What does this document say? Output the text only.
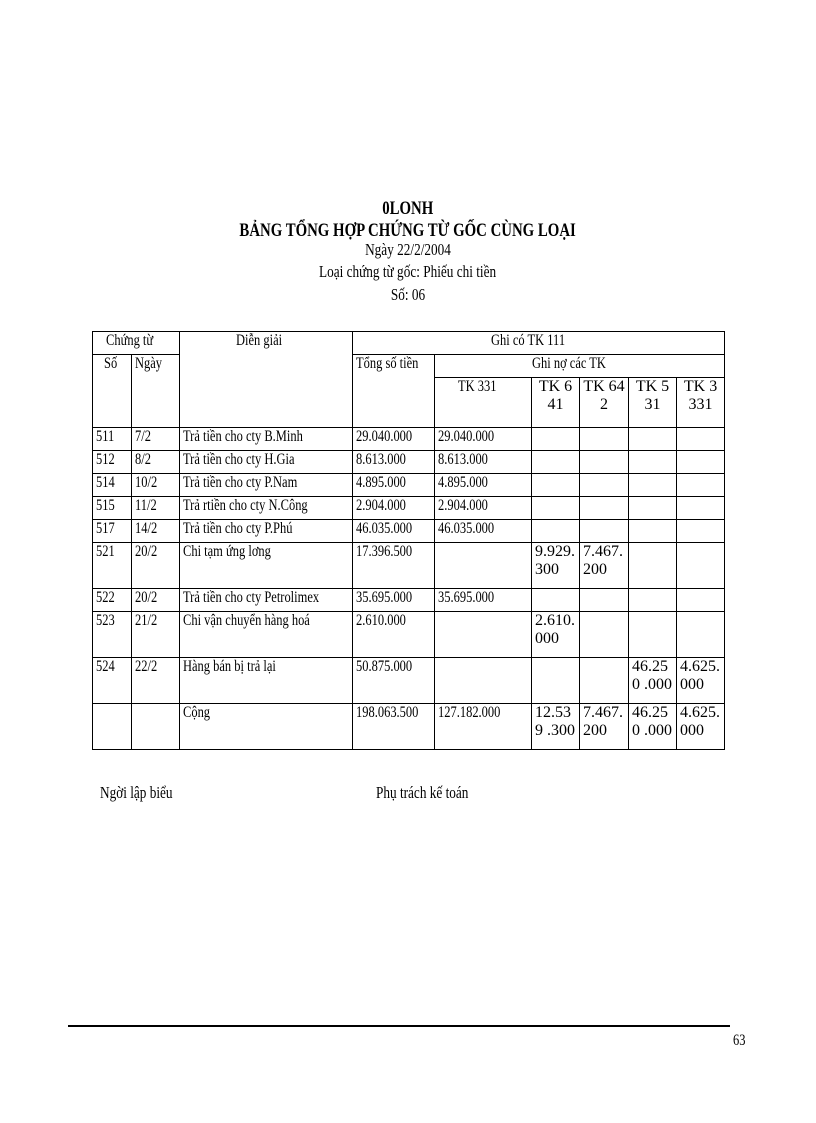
0LONH
BẢNG TỔNG HỢP CHỨNG TỪ GỐC CÙNG LOẠI
Ngày 22/2/2004
Loại chứng từ gốc: Phiếu chi tiền
Số: 06
Chứng từ		Diễn giải	Ghi có TK 111					
Số	Ngày		Tổng số tiền	Ghi nợ các TK				
				TK 331	TK 641	TK 642	TK 531	TK 3331

511	7/2	Trả tiền cho cty B.Minh	29.040.000	29.040.000	

512	8/2	Trả tiền cho cty H.Gia	8.613.000	8.613.000	

514	10/2	Trả tiền cho cty P.Nam	4.895.000	4.895.000	

515	11/2	Trả rtiền cho cty N.Công	2.904.000	2.904.000	

517	14/2	Trả tiền cho cty P.Phú	46.035.000	46.035.000	

521	20/2	Chi tạm ứng lơng	17.396.500		9.929. 300	7.467. 200		

522	20/2	Trả tiền cho cty Petrolimex	35.695.000	35.695.000	

523	21/2	Chi vận chuyển hàng hoá	2.610.000		2.610. 000			

524	22/2	Hàng bán bị trả lại	50.875.000				46.250 .000	4.625. 000

		Cộng	198.063.500	127.182.000	12.539 .300	7.467. 200	46.250 .000	4.625. 000
Ngời lập biểu	Phụ trách kế toán
63
